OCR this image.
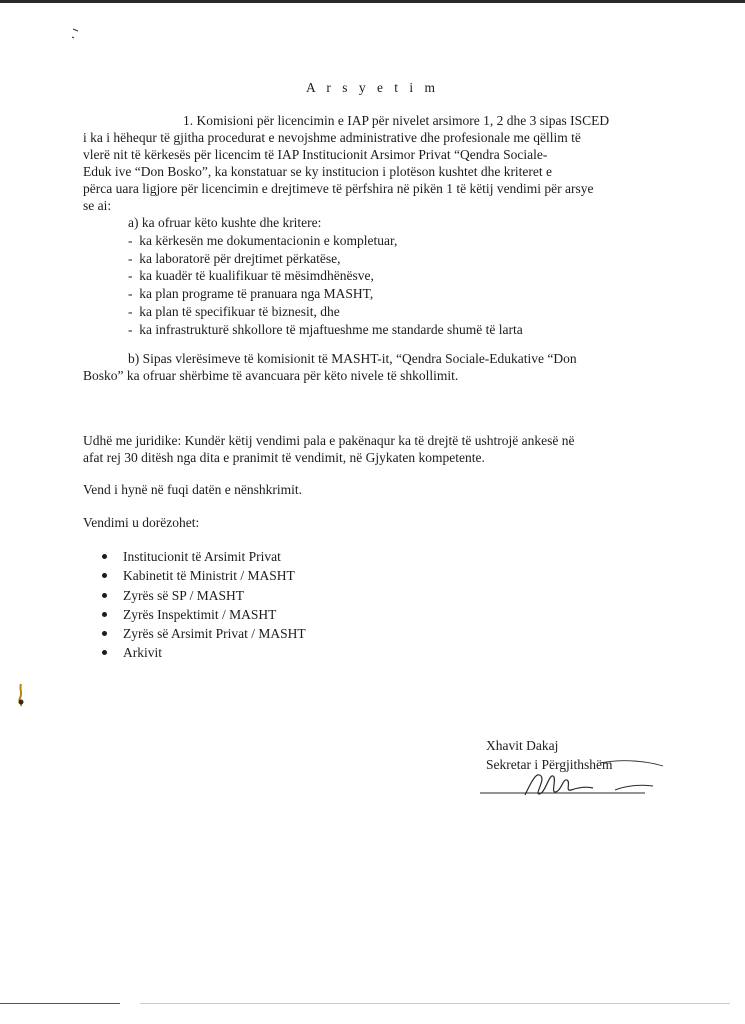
A r s y e t i m

1. Komisioni për licencimin e IAP për nivelet arsimore 1, 2 dhe 3 sipas ISCED
i ka i hëhequr të gjitha procedurat e nevojshme administrative dhe profesionale me qëllim të
vlerë nit të kërkesës për licencim të IAP Institucionit Arsimor Privat “Qendra Sociale-
Eduk ive “Don Bosko”, ka konstatuar se ky institucion i plotëson kushtet dhe kriteret e
përca uara ligjore për licencimin e drejtimeve të përfshira në pikën 1 të këtij vendimi për arsye
se ai:

a) ka ofruar këto kushte dhe kritere:
- ka kërkesën me dokumentacionin e kompletuar,
- ka laboratorë për drejtimet përkatëse,
- ka kuadër të kualifikuar të mësimdhënësve,
- ka plan programe të pranuara nga MASHT,
- ka plan të specifikuar të biznesit, dhe
- ka infrastrukturë shkollore të mjaftueshme me standarde shumë të larta

b) Sipas vlerësimeve të komisionit të MASHT-it, “Qendra Sociale-Edukative “Don
Bosko” ka ofruar shërbime të avancuara për këto nivele të shkollimit.

Udhë me juridike: Kundër këtij vendimi pala e pakënaqur ka të drejtë të ushtrojë ankesë në
afat rej 30 ditësh nga dita e pranimit të vendimit, në Gjykaten kompetente.

Vend i hynë në fuqi datën e nënshkrimit.

Vendimi u dorëzohet:

Institucionit të Arsimit Privat
Kabinetit të Ministrit / MASHT
Zyrës së SP / MASHT
Zyrës Inspektimit / MASHT
Zyrës së Arsimit Privat / MASHT
Arkivit

Xhavit Dakaj
Sekretar i Përgjithshëm
